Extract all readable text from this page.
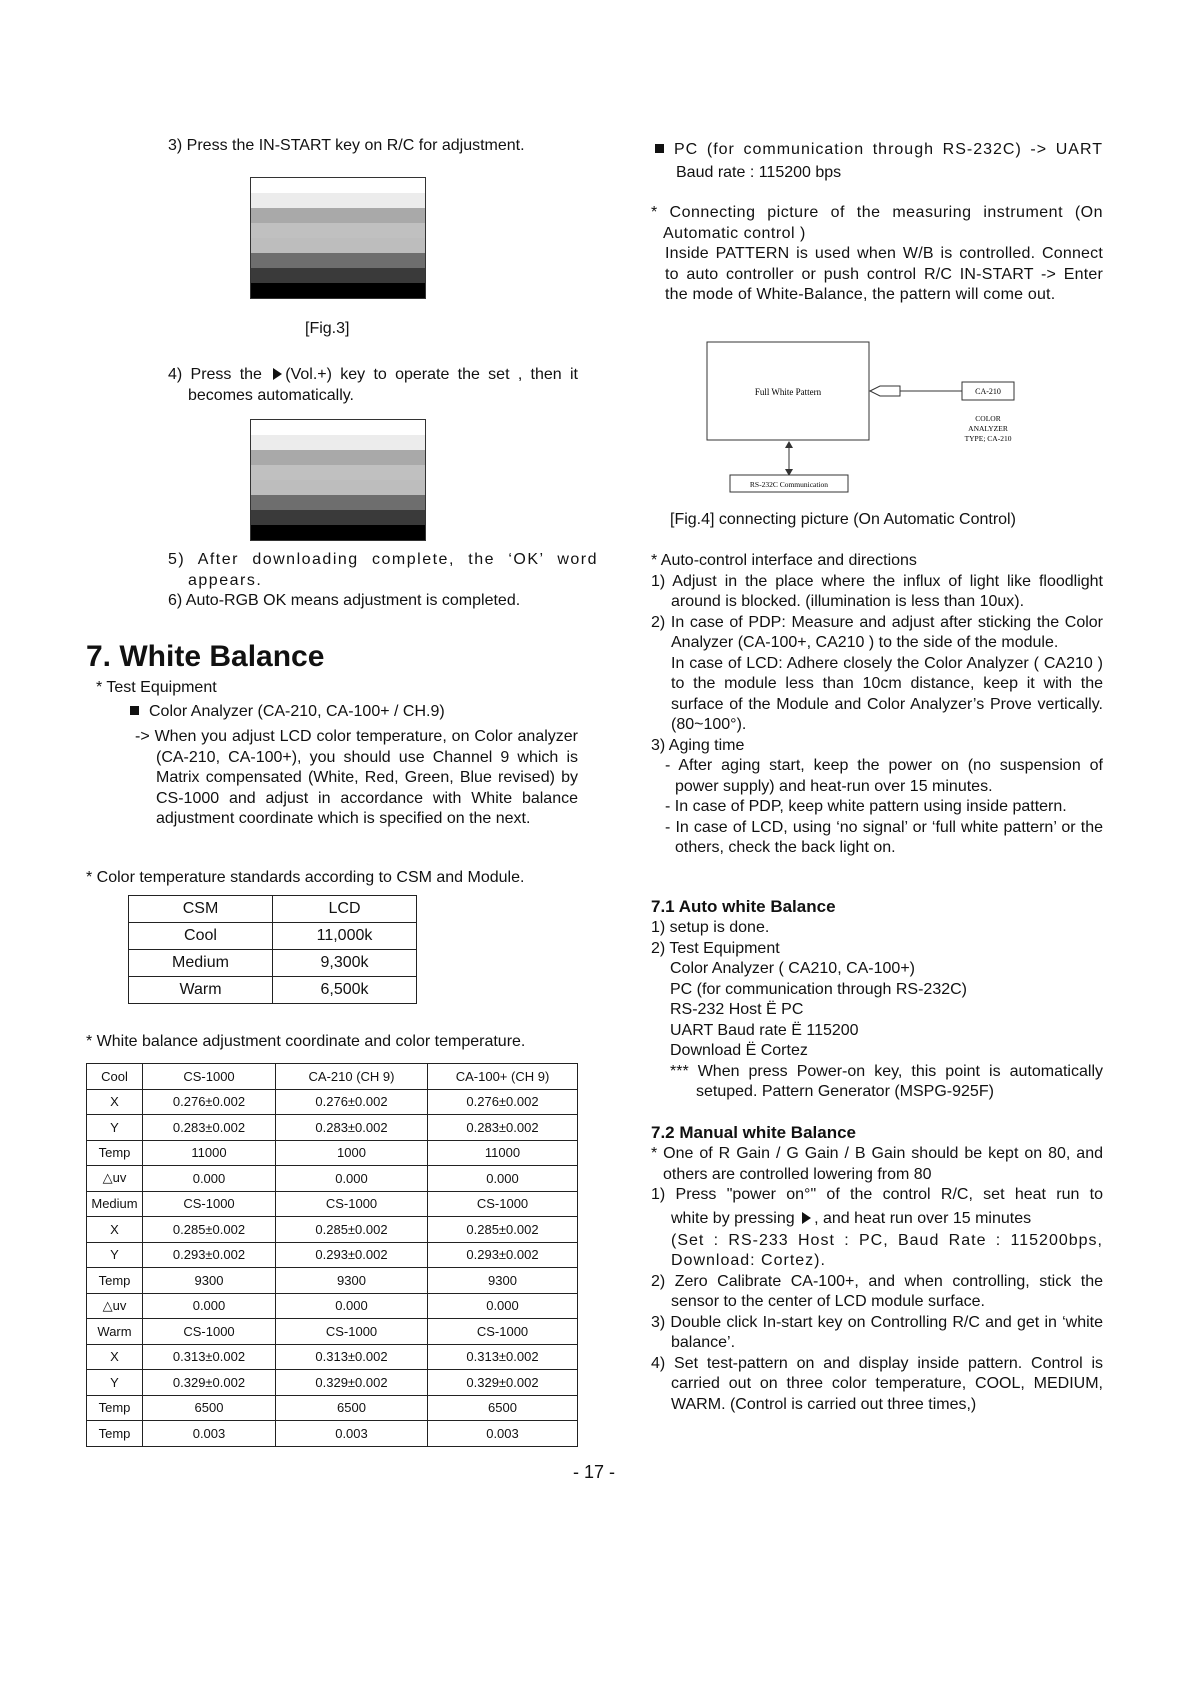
3) Press the IN-START key on R/C for adjustment.
[Fig.3]
4) Press the (Vol.+) key to operate the set , then it becomes automatically.
5) After downloading complete, the ‘OK’ word appears.
6) Auto-RGB OK means adjustment is completed.
7. White Balance
* Test Equipment
Color Analyzer (CA-210, CA-100+ / CH.9)
-> When you adjust LCD color temperature, on Color analyzer (CA-210, CA-100+), you should use Channel 9 which is Matrix compensated (White, Red, Green, Blue revised) by CS-1000 and adjust in accordance with White balance adjustment coordinate which is specified on the next.
* Color temperature standards according to CSM and Module.
CSM	LCD
Cool	11,000k
Medium	9,300k
Warm	6,500k
* White balance adjustment coordinate and color temperature.
Cool	CS-1000	CA-210 (CH 9)	CA-100+ (CH 9)
X	0.276±0.002	0.276±0.002	0.276±0.002
Y	0.283±0.002	0.283±0.002	0.283±0.002
Temp	11000	1000	11000
△uv	0.000	0.000	0.000
Medium	CS-1000	CS-1000	CS-1000
X	0.285±0.002	0.285±0.002	0.285±0.002
Y	0.293±0.002	0.293±0.002	0.293±0.002
Temp	9300	9300	9300
△uv	0.000	0.000	0.000
Warm	CS-1000	CS-1000	CS-1000
X	0.313±0.002	0.313±0.002	0.313±0.002
Y	0.329±0.002	0.329±0.002	0.329±0.002
Temp	6500	6500	6500
Temp	0.003	0.003	0.003
PC (for communication through RS-232C) -> UART
Baud rate : 115200 bps
* Connecting picture of the measuring instrument (On Automatic control )
Inside PATTERN is used when W/B is controlled. Connect to auto controller or push control R/C IN-START -> Enter the mode of White-Balance, the pattern will come out.
Full White Pattern	CA-210
COLOR
ANALYZER
TYPE; CA-210
RS-232C Communication
[Fig.4] connecting picture (On Automatic Control)
* Auto-control interface and directions
1) Adjust in the place where the influx of light like floodlight around is blocked. (illumination is less than 10ux).
2) In case of PDP: Measure and adjust after sticking the Color Analyzer (CA-100+, CA210 ) to the side of the module.
In case of LCD: Adhere closely the Color Analyzer ( CA210 ) to the module less than 10cm distance, keep it with the surface of the Module and Color Analyzer’s Prove vertically.(80~100°).
3) Aging time
- After aging start, keep the power on (no suspension of power supply) and heat-run over 15 minutes.
- In case of PDP, keep white pattern using inside pattern.
- In case of LCD, using ‘no signal’ or ‘full white pattern’ or the others, check the back light on.
7.1 Auto white Balance
1) setup is done.
2) Test Equipment
Color Analyzer ( CA210, CA-100+)
PC (for communication through RS-232C)
RS-232 Host Ë PC
UART Baud rate Ë 115200
Download Ë Cortez
*** When press Power-on key, this point is automatically setuped. Pattern Generator (MSPG-925F)
7.2 Manual white Balance
* One of R Gain / G Gain / B Gain should be kept on 80, and others are controlled lowering from 80
1) Press "power on°" of the control R/C, set heat run to
white by pressing , and heat run over 15 minutes
(Set : RS-233 Host : PC, Baud Rate : 115200bps, Download: Cortez).
2) Zero Calibrate CA-100+, and when controlling, stick the sensor to the center of LCD module surface.
3) Double click In-start key on Controlling R/C and get in ‘white balance’.
4) Set test-pattern on and display inside pattern. Control is carried out on three color temperature, COOL, MEDIUM, WARM. (Control is carried out three times,)
- 17 -
